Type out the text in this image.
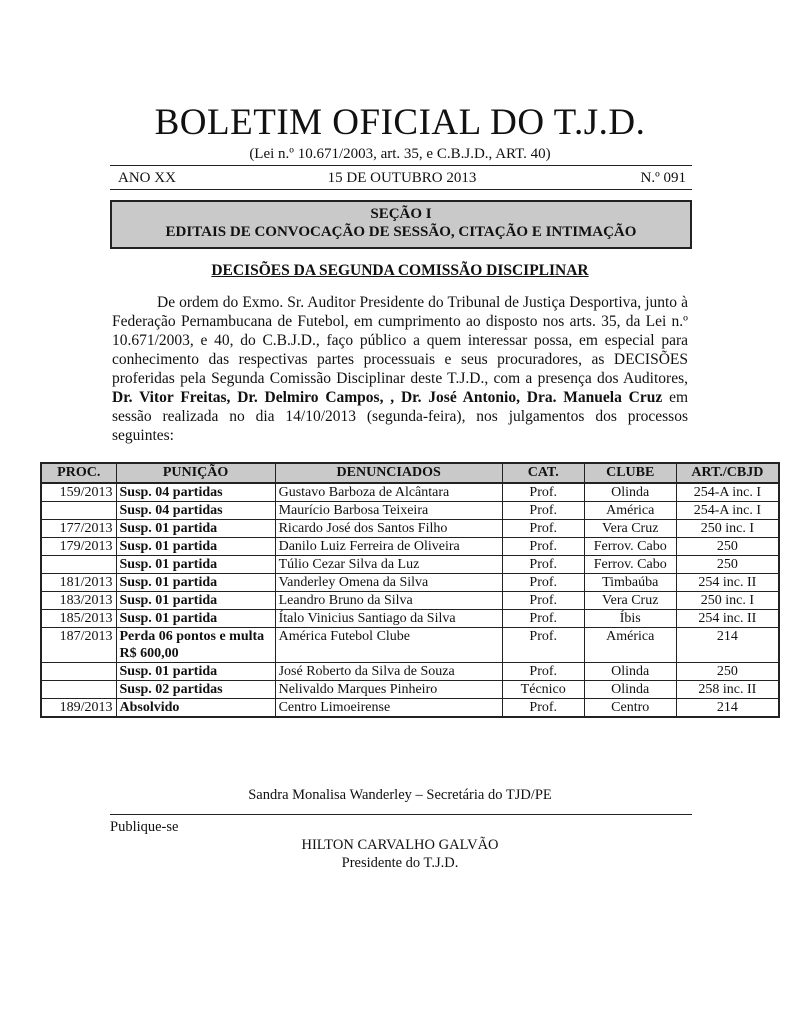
BOLETIM OFICIAL DO T.J.D.
(Lei n.º 10.671/2003, art. 35, e C.B.J.D., ART. 40)
ANO XX	15 DE OUTUBRO 2013	N.º 091
SEÇÃO I
EDITAIS DE CONVOCAÇÃO DE SESSÃO, CITAÇÃO E INTIMAÇÃO
DECISÕES DA SEGUNDA COMISSÃO DISCIPLINAR
De ordem do Exmo. Sr. Auditor Presidente do Tribunal de Justiça Desportiva, junto à Federação Pernambucana de Futebol, em cumprimento ao disposto nos arts. 35, da Lei n.º 10.671/2003, e 40, do C.B.J.D., faço público a quem interessar possa, em especial para conhecimento das respectivas partes processuais e seus procuradores, as DECISÕES proferidas pela Segunda Comissão Disciplinar deste T.J.D., com a presença dos Auditores, Dr. Vitor Freitas, Dr. Delmiro Campos, , Dr. José Antonio, Dra. Manuela Cruz em sessão realizada no dia 14/10/2013 (segunda-feira), nos julgamentos dos processos seguintes:
PROC.	PUNIÇÃO	DENUNCIADOS	CAT.	CLUBE	ART./CBJD
159/2013	Susp. 04 partidas	Gustavo Barboza de Alcântara	Prof.	Olinda	254-A inc. I
	Susp. 04 partidas	Maurício Barbosa Teixeira	Prof.	América	254-A inc. I
177/2013	Susp. 01 partida	Ricardo José dos Santos Filho	Prof.	Vera Cruz	250 inc. I
179/2013	Susp. 01 partida	Danilo Luiz Ferreira de Oliveira	Prof.	Ferrov. Cabo	250
	Susp. 01 partida	Túlio Cezar Silva da Luz	Prof.	Ferrov. Cabo	250
181/2013	Susp. 01 partida	Vanderley Omena da Silva	Prof.	Timbaúba	254 inc. II
183/2013	Susp. 01 partida	Leandro Bruno da Silva	Prof.	Vera Cruz	250 inc. I
185/2013	Susp. 01 partida	Ítalo Vinicius Santiago da Silva	Prof.	Íbis	254 inc. II
187/2013	Perda 06 pontos e multa R$ 600,00	América Futebol Clube	Prof.	América	214
	Susp. 01 partida	José Roberto da Silva de Souza	Prof.	Olinda	250
	Susp. 02 partidas	Nelivaldo Marques Pinheiro	Técnico	Olinda	258 inc. II
189/2013	Absolvido	Centro Limoeirense	Prof.	Centro	214
Sandra Monalisa Wanderley – Secretária do TJD/PE
Publique-se
HILTON CARVALHO GALVÃO
Presidente do T.J.D.
